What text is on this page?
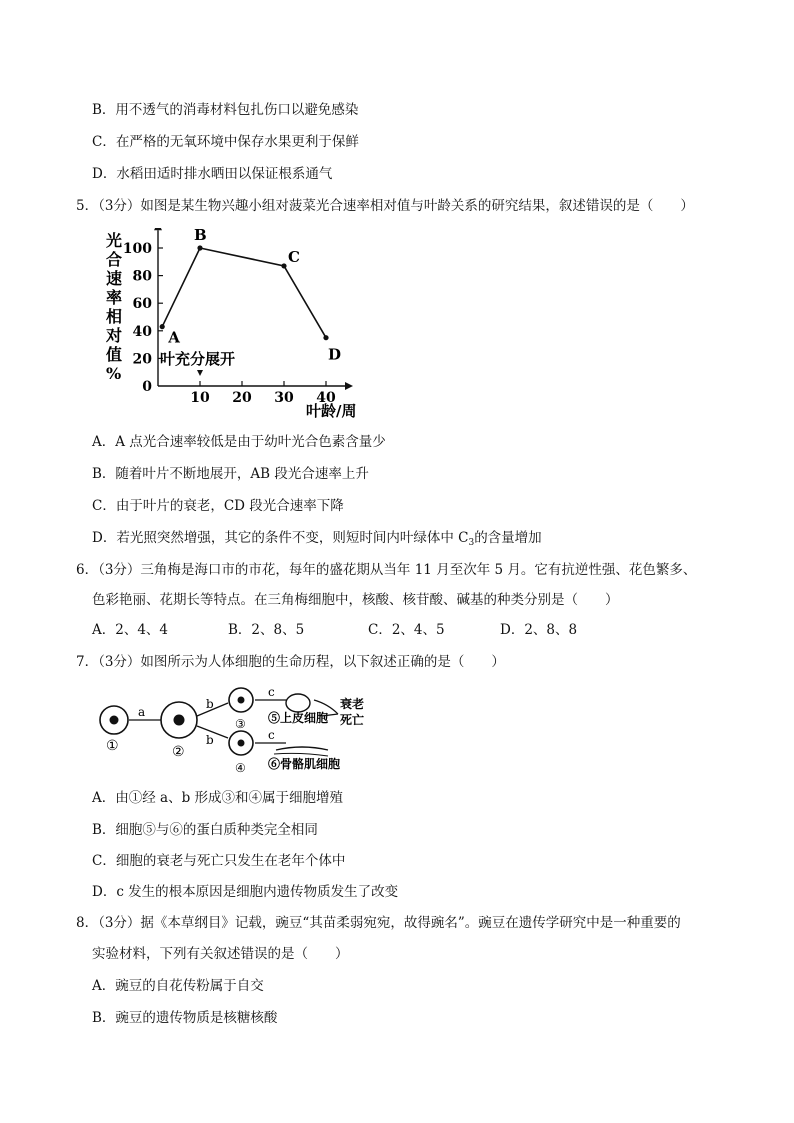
B．用不透气的消毒材料包扎伤口以避免感染
C．在严格的无氧环境中保存水果更利于保鲜
D．水稻田适时排水晒田以保证根系通气
5．（3分）如图是某生物兴趣小组对菠菜光合速率相对值与叶龄关系的研究结果，叙述错误的是（　　）
光
合
速
率
相
对
值
%
0
20
40
60
80
100
10 20 30 40
A
B
C
D
叶充分展开
叶龄/周
A．A 点光合速率较低是由于幼叶光合色素含量少
B．随着叶片不断地展开，AB 段光合速率上升
C．由于叶片的衰老，CD 段光合速率下降
D．若光照突然增强，其它的条件不变，则短时间内叶绿体中 $C_3$的含量增加
6．（3分）三角梅是海口市的市花，每年的盛花期从当年 11 月至次年 5 月。它有抗逆性强、花色繁多、
色彩艳丽、花期长等特点。在三角梅细胞中，核酸、核苷酸、碱基的种类分别是（　　）
A．2、4、4	B．2、8、5	C．2、4、5	D．2、8、8
7．（3分）如图所示为人体细胞的生命历程，以下叙述正确的是（　　）
①
a
②
b
b
③
④
c
c
⑤上皮细胞
⑥骨骼肌细胞
衰老
死亡
A．由①经 a、b 形成③和④属于细胞增殖
B．细胞⑤与⑥的蛋白质种类完全相同
C．细胞的衰老与死亡只发生在老年个体中
D．c 发生的根本原因是细胞内遗传物质发生了改变
8．（3分）据《本草纲目》记载，豌豆“其苗柔弱宛宛，故得豌名”。豌豆在遗传学研究中是一种重要的
实验材料，下列有关叙述错误的是（　　）
A．豌豆的自花传粉属于自交
B．豌豆的遗传物质是核糖核酸
